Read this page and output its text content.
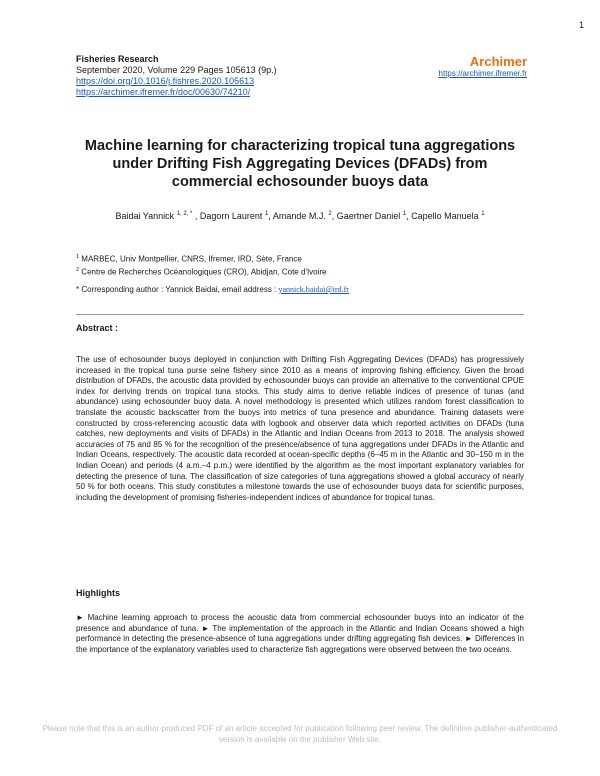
1
Fisheries Research
September 2020, Volume 229 Pages 105613 (9p.)
https://doi.org/10.1016/j.fishres.2020.105613
https://archimer.ifremer.fr/doc/00630/74210/
Archimer
https://archimer.ifremer.fr
Machine learning for characterizing tropical tuna aggregations under Drifting Fish Aggregating Devices (DFADs) from commercial echosounder buoys data
Baidai Yannick $^{1, 2, *}$ , Dagorn Laurent $^1$, Amande M.J. $^2$, Gaertner Daniel $^1$, Capello Manuela $^1$
$^1$ MARBEC, Univ Montpellier, CNRS, Ifremer, IRD, Sète, France
$^2$ Centre de Recherches Océanologiques (CRO), Abidjan, Cote d'Ivoire
* Corresponding author : Yannick Baidai, email address : yannick.baidai@ird.fr
Abstract :
The use of echosounder buoys deployed in conjunction with Drifting Fish Aggregating Devices (DFADs) has progressively increased in the tropical tuna purse seine fishery since 2010 as a means of improving fishing efficiency. Given the broad distribution of DFADs, the acoustic data provided by echosounder buoys can provide an alternative to the conventional CPUE index for deriving trends on tropical tuna stocks. This study aims to derive reliable indices of presence of tunas (and abundance) using echosounder buoy data. A novel methodology is presented which utilizes random forest classification to translate the acoustic backscatter from the buoys into metrics of tuna presence and abundance. Training datasets were constructed by cross-referencing acoustic data with logbook and observer data which reported activities on DFADs (tuna catches, new deployments and visits of DFADs) in the Atlantic and Indian Oceans from 2013 to 2018. The analysis showed accuracies of 75 and 85 % for the recognition of the presence/absence of tuna aggregations under DFADs in the Atlantic and Indian Oceans, respectively. The acoustic data recorded at ocean-specific depths (6–45 m in the Atlantic and 30–150 m in the Indian Ocean) and periods (4 a.m.–4 p.m.) were identified by the algorithm as the most important explanatory variables for detecting the presence of tuna. The classification of size categories of tuna aggregations showed a global accuracy of nearly 50 % for both oceans. This study constitutes a milestone towards the use of echosounder buoys data for scientific purposes, including the development of promising fisheries-independent indices of abundance for tropical tunas.
Highlights
► Machine learning approach to process the acoustic data from commercial echosounder buoys into an indicator of the presence and abundance of tuna. ► The implementation of the approach in the Atlantic and Indian Oceans showed a high performance in detecting the presence-absence of tuna aggregations under drifting aggregating fish devices. ► Differences in the importance of the explanatory variables used to characterize fish aggregations were observed between the two oceans.
Please note that this is an author-produced PDF of an article accepted for publication following peer review. The definitive publisher-authenticated version is available on the publisher Web site.
